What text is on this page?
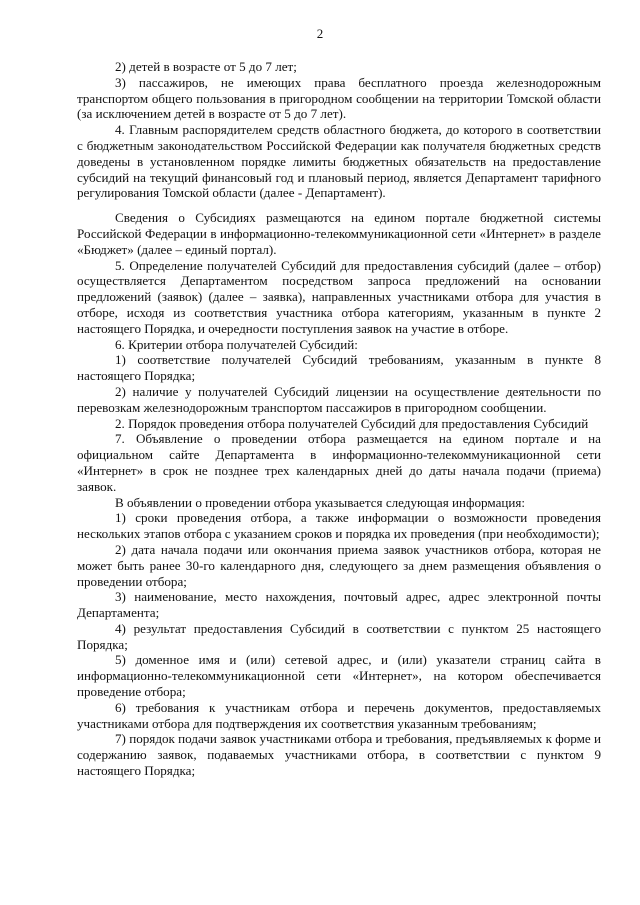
2

2) детей в возрасте от 5 до 7 лет;

3) пассажиров, не имеющих права бесплатного проезда железнодорожным транспортом общего пользования в пригородном сообщении на территории Томской области (за исключением детей в возрасте от 5 до 7 лет).

4. Главным распорядителем средств областного бюджета, до которого в соответствии с бюджетным законодательством Российской Федерации как получателя бюджетных средств доведены в установленном порядке лимиты бюджетных обязательств на предоставление субсидий на текущий финансовый год и плановый период, является Департамент тарифного регулирования Томской области (далее - Департамент).

Сведения о Субсидиях размещаются на едином портале бюджетной системы Российской Федерации в информационно-телекоммуникационной сети «Интернет» в разделе «Бюджет» (далее – единый портал).

5. Определение получателей Субсидий для предоставления субсидий (далее – отбор) осуществляется Департаментом посредством запроса предложений на основании предложений (заявок) (далее – заявка), направленных участниками отбора для участия в отборе, исходя из соответствия участника отбора категориям, указанным в пункте 2 настоящего Порядка, и очередности поступления заявок на участие в отборе.

6. Критерии отбора получателей Субсидий:

1) соответствие получателей Субсидий требованиям, указанным в пункте 8 настоящего Порядка;

2) наличие у получателей Субсидий лицензии на осуществление деятельности по перевозкам железнодорожным транспортом пассажиров в пригородном сообщении.

2. Порядок проведения отбора получателей Субсидий для предоставления Субсидий

7. Объявление о проведении отбора размещается на едином портале и на официальном сайте Департамента в информационно-телекоммуникационной сети «Интернет» в срок не позднее трех календарных дней до даты начала подачи (приема) заявок.

В объявлении о проведении отбора указывается следующая информация:

1) сроки проведения отбора, а также информации о возможности проведения нескольких этапов отбора с указанием сроков и порядка их проведения (при необходимости);

2) дата начала подачи или окончания приема заявок участников отбора, которая не может быть ранее 30-го календарного дня, следующего за днем размещения объявления о проведении отбора;

3) наименование, место нахождения, почтовый адрес, адрес электронной почты Департамента;

4) результат предоставления Субсидий в соответствии с пунктом 25 настоящего Порядка;

5) доменное имя и (или) сетевой адрес, и (или) указатели страниц сайта в информационно-телекоммуникационной сети «Интернет», на котором обеспечивается проведение отбора;

6) требования к участникам отбора и перечень документов, предоставляемых участниками отбора для подтверждения их соответствия указанным требованиям;

7) порядок подачи заявок участниками отбора и требования, предъявляемых к форме и содержанию заявок, подаваемых участниками отбора, в соответствии с пунктом 9 настоящего Порядка;
